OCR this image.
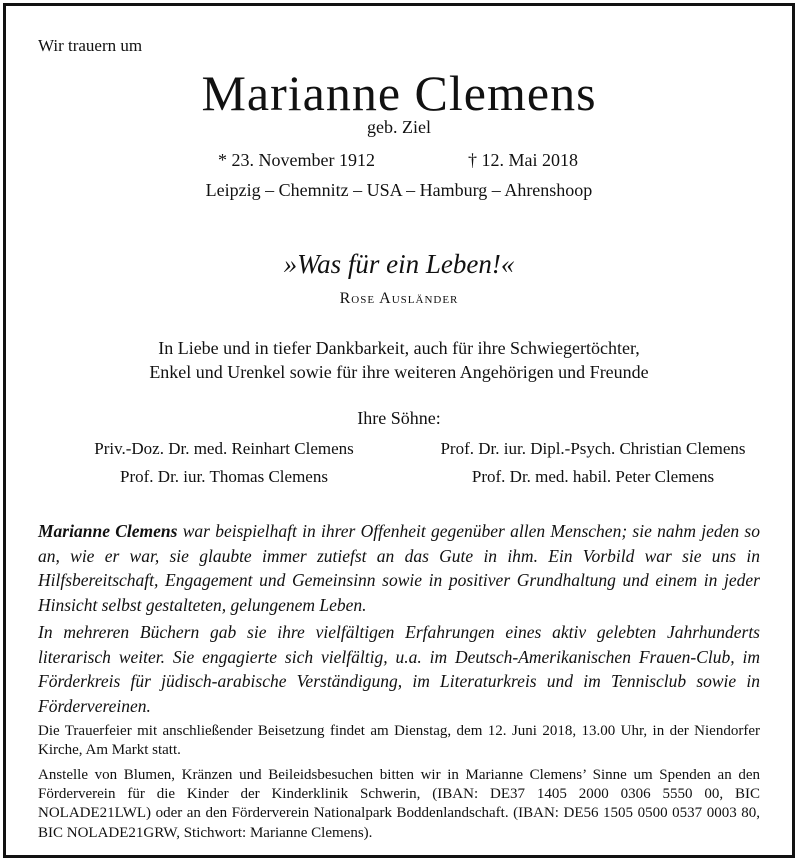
Wir trauern um
Marianne Clemens
geb. Ziel
* 23. November 1912	† 12. Mai 2018
Leipzig – Chemnitz – USA – Hamburg – Ahrenshoop
»Was für ein Leben!«
Rose Ausländer
In Liebe und in tiefer Dankbarkeit, auch für ihre Schwiegertöchter,
Enkel und Urenkel sowie für ihre weiteren Angehörigen und Freunde
Ihre Söhne:
Priv.-Doz. Dr. med. Reinhart Clemens	Prof. Dr. iur. Dipl.-Psych. Christian Clemens
Prof. Dr. iur. Thomas Clemens	Prof. Dr. med. habil. Peter Clemens
Marianne Clemens war beispielhaft in ihrer Offenheit gegenüber allen Menschen; sie nahm jeden so an, wie er war, sie glaubte immer zutiefst an das Gute in ihm. Ein Vorbild war sie uns in Hilfsbereitschaft, Engagement und Gemeinsinn sowie in positiver Grundhaltung und einem in jeder Hinsicht selbst gestalteten, gelungenem Leben.
In mehreren Büchern gab sie ihre vielfältigen Erfahrungen eines aktiv gelebten Jahrhunderts literarisch weiter. Sie engagierte sich vielfältig, u.a. im Deutsch-Amerikanischen Frauen-Club, im Förderkreis für jüdisch-arabische Verständigung, im Literaturkreis und im Tennisclub sowie in Fördervereinen.
Die Trauerfeier mit anschließender Beisetzung findet am Dienstag, dem 12. Juni 2018, 13.00 Uhr, in der Niendorfer Kirche, Am Markt statt.
Anstelle von Blumen, Kränzen und Beileidsbesuchen bitten wir in Marianne Clemens’ Sinne um Spenden an den Förderverein für die Kinder der Kinderklinik Schwerin, (IBAN: DE37 1405 2000 0306 5550 00, BIC NOLADE21LWL) oder an den Förderverein Nationalpark Boddenlandschaft. (IBAN: DE56 1505 0500 0537 0003 80, BIC NOLADE21GRW, Stichwort: Marianne Clemens).
